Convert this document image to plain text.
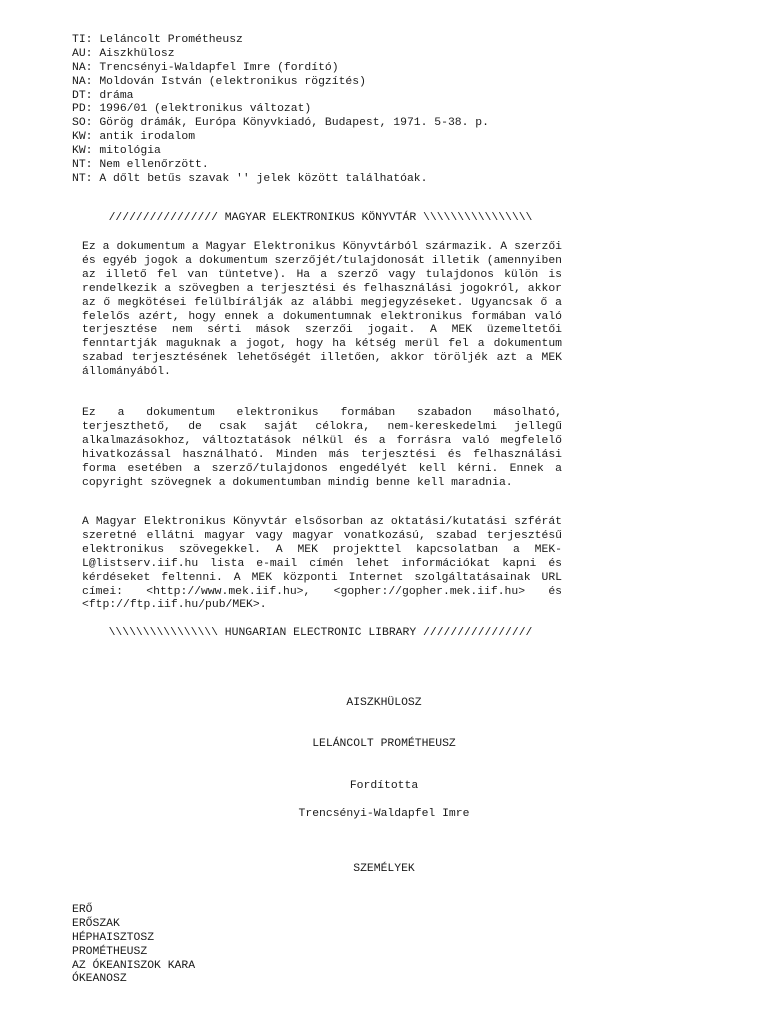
TI: Leláncolt Prométheusz
AU: Aiszkhülosz
NA: Trencsényi-Waldapfel Imre (fordító)
NA: Moldován István (elektronikus rögzítés)
DT: dráma
PD: 1996/01 (elektronikus változat)
SO: Görög drámák, Európa Könyvkiadó, Budapest, 1971. 5-38. p.
KW: antik irodalom
KW: mitológia
NT: Nem ellenőrzött.
NT: A dőlt betűs szavak '' jelek között találhatóak.
//////////////// MAGYAR ELEKTRONIKUS KÖNYVTÁR \\\\\\\\\\\\\\\\
Ez a dokumentum a Magyar Elektronikus Könyvtárból származik. A szerzői és egyéb jogok a dokumentum szerzőjét/tulajdonosát illetik (amennyiben az illető fel van tüntetve). Ha a szerző vagy tulajdonos külön is rendelkezik a szövegben a terjesztési és felhasználási jogokról, akkor az ő megkötései felülbírálják az alábbi megjegyzéseket. Ugyancsak ő a felelős azért, hogy ennek a dokumentumnak elektronikus formában való terjesztése nem sérti mások szerzői jogait. A MEK üzemeltetői fenntartják maguknak a jogot, hogy ha kétség merül fel a dokumentum szabad terjesztésének lehetőségét illetően, akkor töröljék azt a MEK állományából.
Ez a dokumentum elektronikus formában szabadon másolható, terjeszthető, de csak saját célokra, nem-kereskedelmi jellegű alkalmazásokhoz, változtatások nélkül és a forrásra való megfelelő hivatkozással használható. Minden más terjesztési és felhasználási forma esetében a szerző/tulajdonos engedélyét kell kérni. Ennek a copyright szövegnek a dokumentumban mindig benne kell maradnia.
A Magyar Elektronikus Könyvtár elsősorban az oktatási/kutatási szférát szeretné ellátni magyar vagy magyar vonatkozású, szabad terjesztésű elektronikus szövegekkel. A MEK projekttel kapcsolatban a MEK-L@listserv.iif.hu lista e-mail címén lehet információkat kapni és kérdéseket feltenni. A MEK központi Internet szolgáltatásainak URL címei: <http://www.mek.iif.hu>, <gopher://gopher.mek.iif.hu> és <ftp://ftp.iif.hu/pub/MEK>.
\\\\\\\\\\\\\\\\ HUNGARIAN ELECTRONIC LIBRARY ////////////////
AISZKHÜLOSZ
LELÁNCOLT PROMÉTHEUSZ
Fordította
Trencsényi-Waldapfel Imre
SZEMÉLYEK
ERŐ
ERŐSZAK
HÉPHAISZTOSZ
PROMÉTHEUSZ
AZ ÓKEANISZOK KARA
ÓKEANOSZ
